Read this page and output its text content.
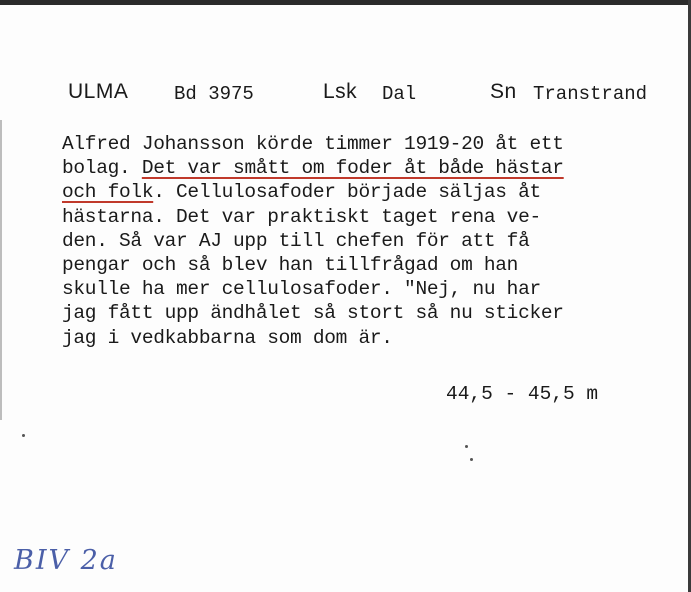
ULMA Bd 3975	Lsk Dal	Sn Transtrand
Alfred Johansson körde timmer 1919-20 åt ett
bolag. Det var smått om foder åt både hästar
och folk. Cellulosafoder började säljas åt
hästarna. Det var praktiskt taget rena ve-
den. Så var AJ upp till chefen för att få
pengar och så blev han tillfrågad om han
skulle ha mer cellulosafoder. "Nej, nu har
jag fått upp ändhålet så stort så nu sticker
jag i vedkabbarna som dom är.
44,5 - 45,5 m
BIV 2a
